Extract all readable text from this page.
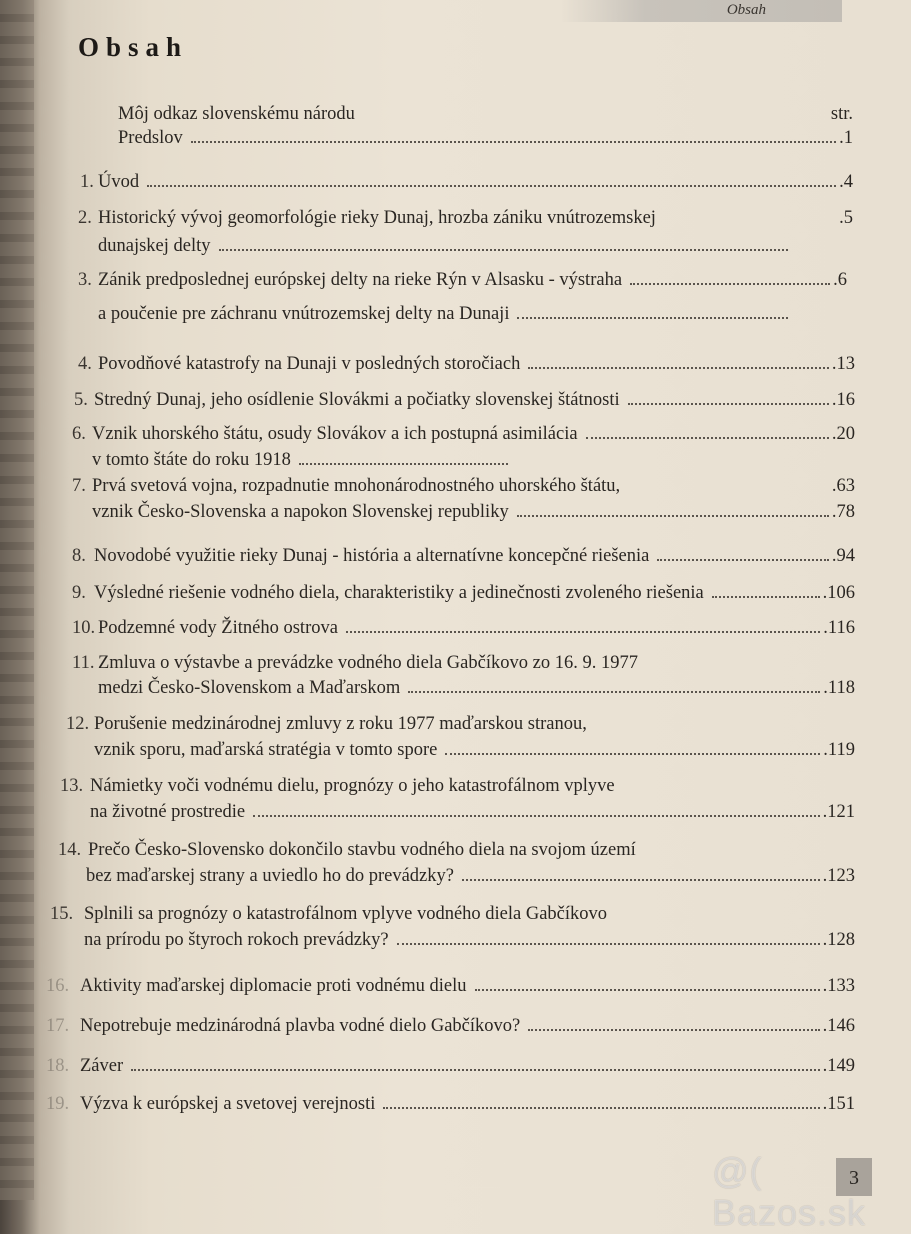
Obsah
Obsah
Môj odkaz slovenskému národu	str.
Predslov	.1
1. Úvod	.4
2. Historický vývoj geomorfológie rieky Dunaj, hrozba zániku vnútrozemskej	.5
dunajskej delty
3. Zánik predposlednej európskej delty na rieke Rýn v Alsasku - výstraha	.6
a poučenie pre záchranu vnútrozemskej delty na Dunaji
4. Povodňové katastrofy na Dunaji v posledných storočiach	.13
5. Stredný Dunaj, jeho osídlenie Slovákmi a počiatky slovenskej štátnosti	.16
6. Vznik uhorského štátu, osudy Slovákov a ich postupná asimilácia	.20
v tomto štáte do roku 1918
7. Prvá svetová vojna, rozpadnutie mnohonárodnostného uhorského štátu,	.63
vznik Česko-Slovenska a napokon Slovenskej republiky	.78
8. Novodobé využitie rieky Dunaj - história a alternatívne koncepčné riešenia	.94
9. Výsledné riešenie vodného diela, charakteristiky a jedinečnosti zvoleného riešenia	.106
10. Podzemné vody Žitného ostrova	.116
11. Zmluva o výstavbe a prevádzke vodného diela Gabčíkovo zo 16. 9. 1977
medzi Česko-Slovenskom a Maďarskom	.118
12. Porušenie medzinárodnej zmluvy z roku 1977 maďarskou stranou,
vznik sporu, maďarská stratégia v tomto spore	.119
13. Námietky voči vodnému dielu, prognózy o jeho katastrofálnom vplyve
na životné prostredie	.121
14. Prečo Česko-Slovensko dokončilo stavbu vodného diela na svojom území
bez maďarskej strany a uviedlo ho do prevádzky?	.123
15. Splnili sa prognózy o katastrofálnom vplyve vodného diela Gabčíkovo
na prírodu po štyroch rokoch prevádzky?	.128
16. Aktivity maďarskej diplomacie proti vodnému dielu	.133
17. Nepotrebuje medzinárodná plavba vodné dielo Gabčíkovo?	.146
18. Záver	.149
19. Výzva k európskej a svetovej verejnosti	.151
3
@( Bazos.sk
